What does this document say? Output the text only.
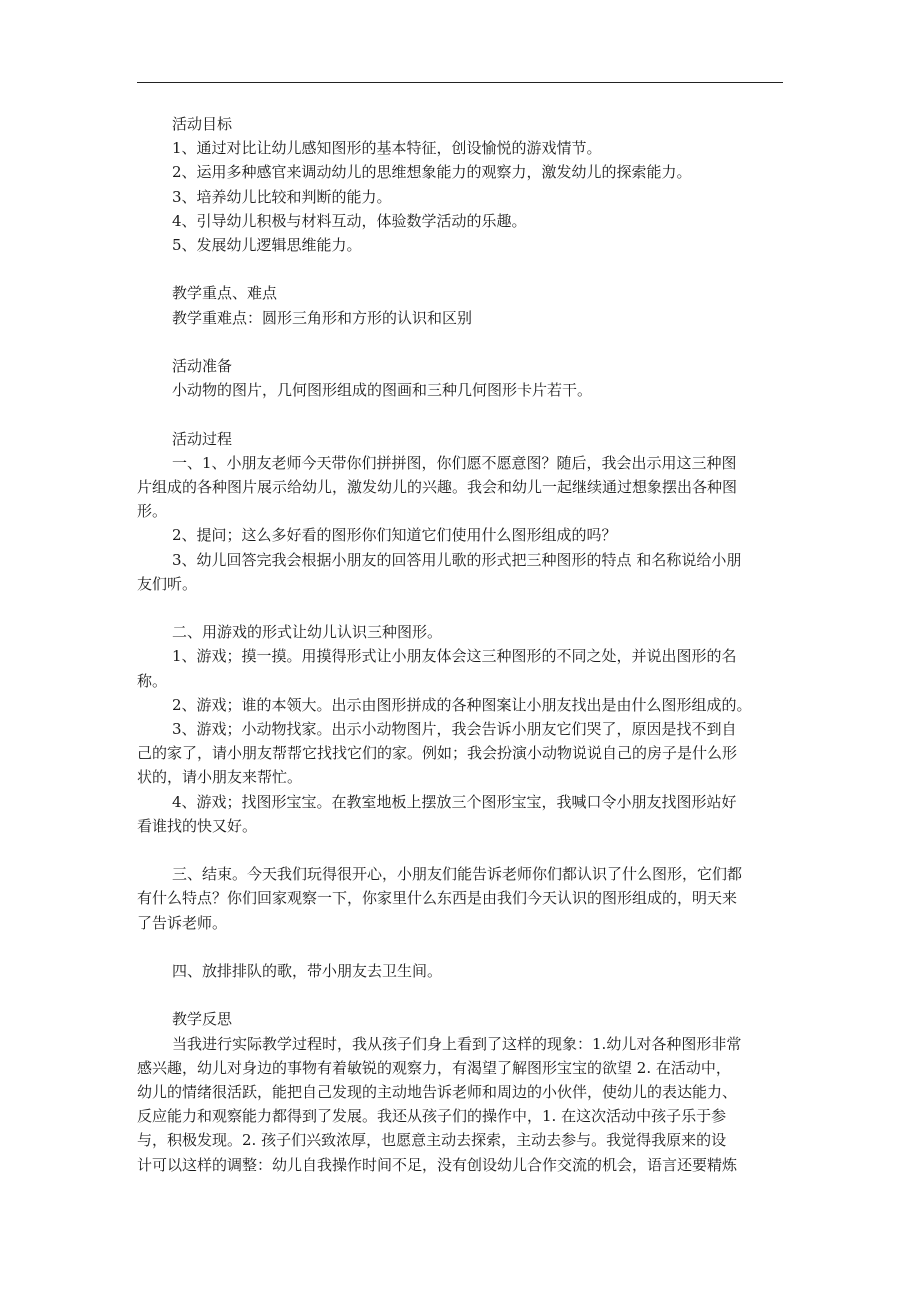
活动目标
1、通过对比让幼儿感知图形的基本特征，创设愉悦的游戏情节。
2、运用多种感官来调动幼儿的思维想象能力的观察力，激发幼儿的探索能力。
3、培养幼儿比较和判断的能力。
4、引导幼儿积极与材料互动，体验数学活动的乐趣。
5、发展幼儿逻辑思维能力。
教学重点、难点
教学重难点：圆形三角形和方形的认识和区别
活动准备
小动物的图片，几何图形组成的图画和三种几何图形卡片若干。
活动过程
一、1、小朋友老师今天带你们拼拼图，你们愿不愿意图？随后，我会出示用这三种图
片组成的各种图片展示给幼儿，激发幼儿的兴趣。我会和幼儿一起继续通过想象摆出各种图
形。
2、提问；这么多好看的图形你们知道它们使用什么图形组成的吗？
3、幼儿回答完我会根据小朋友的回答用儿歌的形式把三种图形的特点 和名称说给小朋
友们听。
二、用游戏的形式让幼儿认识三种图形。
1、游戏；摸一摸。用摸得形式让小朋友体会这三种图形的不同之处，并说出图形的名
称。
2、游戏；谁的本领大。出示由图形拼成的各种图案让小朋友找出是由什么图形组成的。
3、游戏；小动物找家。出示小动物图片，我会告诉小朋友它们哭了，原因是找不到自
己的家了，请小朋友帮帮它找找它们的家。例如；我会扮演小动物说说自己的房子是什么形
状的，请小朋友来帮忙。
4、游戏；找图形宝宝。在教室地板上摆放三个图形宝宝，我喊口令小朋友找图形站好
看谁找的快又好。
三、结束。今天我们玩得很开心，小朋友们能告诉老师你们都认识了什么图形，它们都
有什么特点？你们回家观察一下，你家里什么东西是由我们今天认识的图形组成的，明天来
了告诉老师。
四、放排排队的歌，带小朋友去卫生间。
教学反思
当我进行实际教学过程时，我从孩子们身上看到了这样的现象：1.幼儿对各种图形非常
感兴趣，幼儿对身边的事物有着敏锐的观察力，有渴望了解图形宝宝的欲望 2. 在活动中，
幼儿的情绪很活跃，能把自己发现的主动地告诉老师和周边的小伙伴，使幼儿的表达能力、
反应能力和观察能力都得到了发展。我还从孩子们的操作中，1. 在这次活动中孩子乐于参
与，积极发现。2. 孩子们兴致浓厚，也愿意主动去探索，主动去参与。我觉得我原来的设
计可以这样的调整：幼儿自我操作时间不足，没有创设幼儿合作交流的机会，语言还要精炼
